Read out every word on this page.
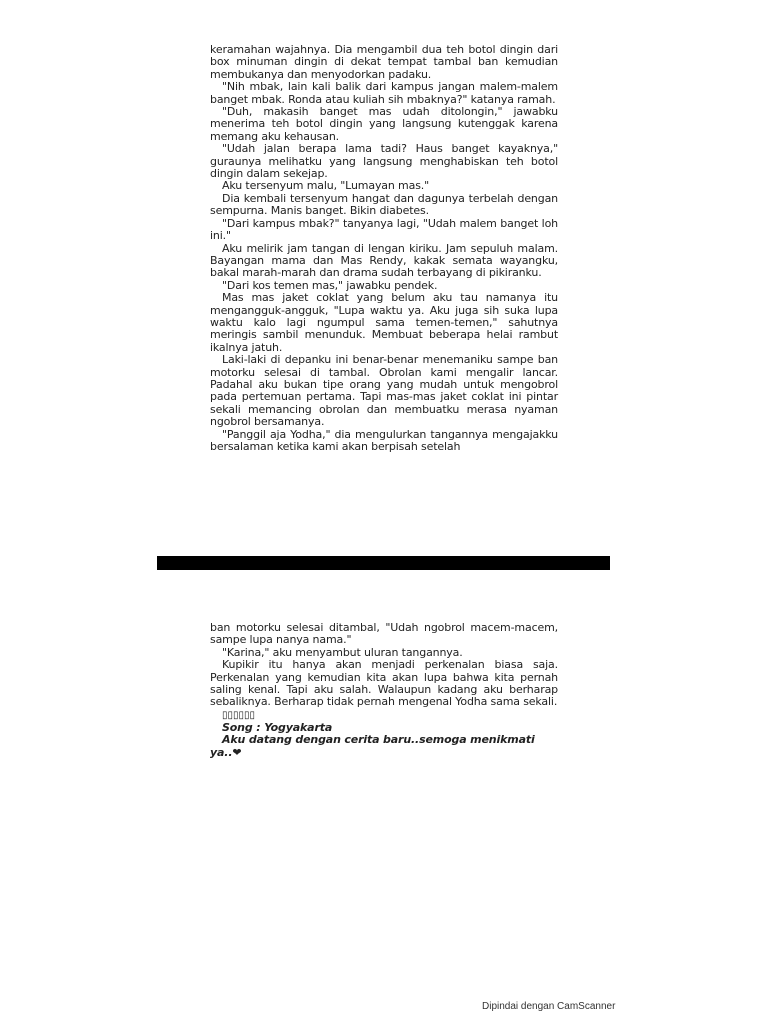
keramahan wajahnya. Dia mengambil dua teh botol dingin dari box minuman dingin di dekat tempat tambal ban kemudian membukanya dan menyodorkan padaku.

"Nih mbak, lain kali balik dari kampus jangan malem-malem banget mbak. Ronda atau kuliah sih mbaknya?" katanya ramah.

"Duh, makasih banget mas udah ditolongin," jawabku menerima teh botol dingin yang langsung kutenggak karena memang aku kehausan.

"Udah jalan berapa lama tadi? Haus banget kayaknya," guraunya melihatku yang langsung menghabiskan teh botol dingin dalam sekejap.

Aku tersenyum malu, "Lumayan mas."

Dia kembali tersenyum hangat dan dagunya terbelah dengan sempurna. Manis banget. Bikin diabetes.

"Dari kampus mbak?" tanyanya lagi, "Udah malem banget loh ini."

Aku melirik jam tangan di lengan kiriku. Jam sepuluh malam. Bayangan mama dan Mas Rendy, kakak semata wayangku, bakal marah-marah dan drama sudah terbayang di pikiranku.

"Dari kos temen mas," jawabku pendek.

Mas mas jaket coklat yang belum aku tau namanya itu mengangguk-angguk, "Lupa waktu ya. Aku juga sih suka lupa waktu kalo lagi ngumpul sama temen-temen," sahutnya meringis sambil menunduk. Membuat beberapa helai rambut ikalnya jatuh.

Laki-laki di depanku ini benar-benar menemaniku sampe ban motorku selesai di tambal. Obrolan kami mengalir lancar. Padahal aku bukan tipe orang yang mudah untuk mengobrol pada pertemuan pertama. Tapi mas-mas jaket coklat ini pintar sekali memancing obrolan dan membuatku merasa nyaman ngobrol bersamanya.

"Panggil aja Yodha," dia mengulurkan tangannya mengajakku bersalaman ketika kami akan berpisah setelah

ban motorku selesai ditambal, "Udah ngobrol macem-macem, sampe lupa nanya nama."

"Karina," aku menyambut uluran tangannya.

Kupikir itu hanya akan menjadi perkenalan biasa saja. Perkenalan yang kemudian kita akan lupa bahwa kita pernah saling kenal. Tapi aku salah. Walaupun kadang aku berharap sebaliknya. Berharap tidak pernah mengenal Yodha sama sekali.

▯▯▯▯▯▯

Song : Yogyakarta

Aku datang dengan cerita baru..semoga menikmati ya..❤

Dipindai dengan CamScanner
